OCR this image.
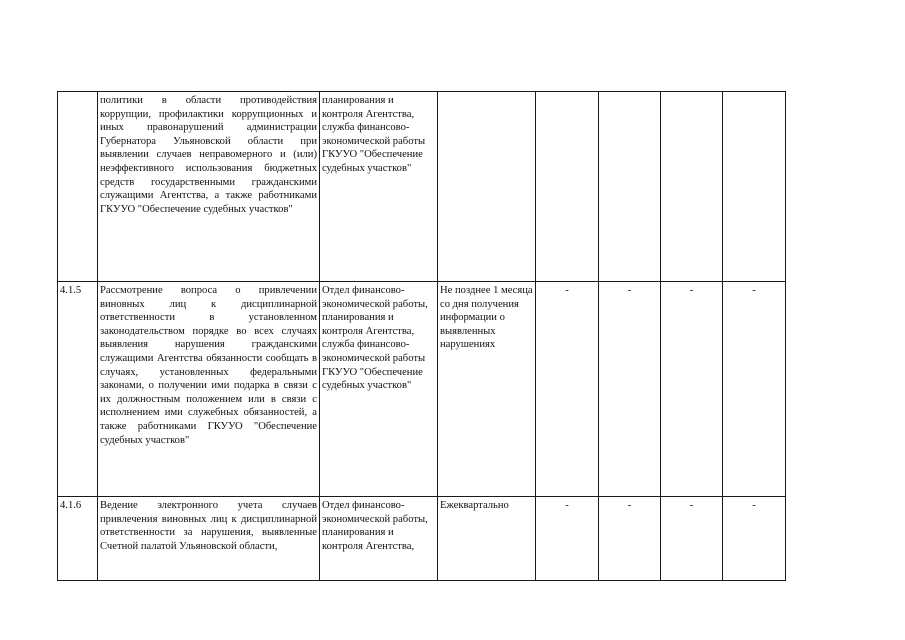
	политики в области противодействия коррупции, профилактики коррупционных и иных правонарушений администрации Губернатора Ульяновской области при выявлении случаев неправомерного и (или) неэффективного использования бюджетных средств государственными гражданскими служащими Агентства, а также работниками ГКУУО "Обеспечение судебных участков"	планирования и контроля Агентства, служба финансово-экономической работы ГКУУО "Обеспечение судебных участков"					
4.1.5	Рассмотрение вопроса о привлечении виновных лиц к дисциплинарной ответственности в установленном законодательством порядке во всех случаях выявления нарушения гражданскими служащими Агентства обязанности сообщать в случаях, установленных федеральными законами, о получении ими подарка в связи с их должностным положением или в связи с исполнением ими служебных обязанностей, а также работниками ГКУУО "Обеспечение судебных участков"	Отдел финансово-экономической работы, планирования и контроля Агентства, служба финансово-экономической работы ГКУУО "Обеспечение судебных участков"	Не позднее 1 месяца со дня получения информации о выявленных нарушениях	-	-	-	-
4.1.6	Ведение электронного учета случаев привлечения виновных лиц к дисциплинарной ответственности за нарушения, выявленные Счетной палатой Ульяновской области,	Отдел финансово-экономической работы, планирования и контроля Агентства,	Ежеквартально	-	-	-	-
